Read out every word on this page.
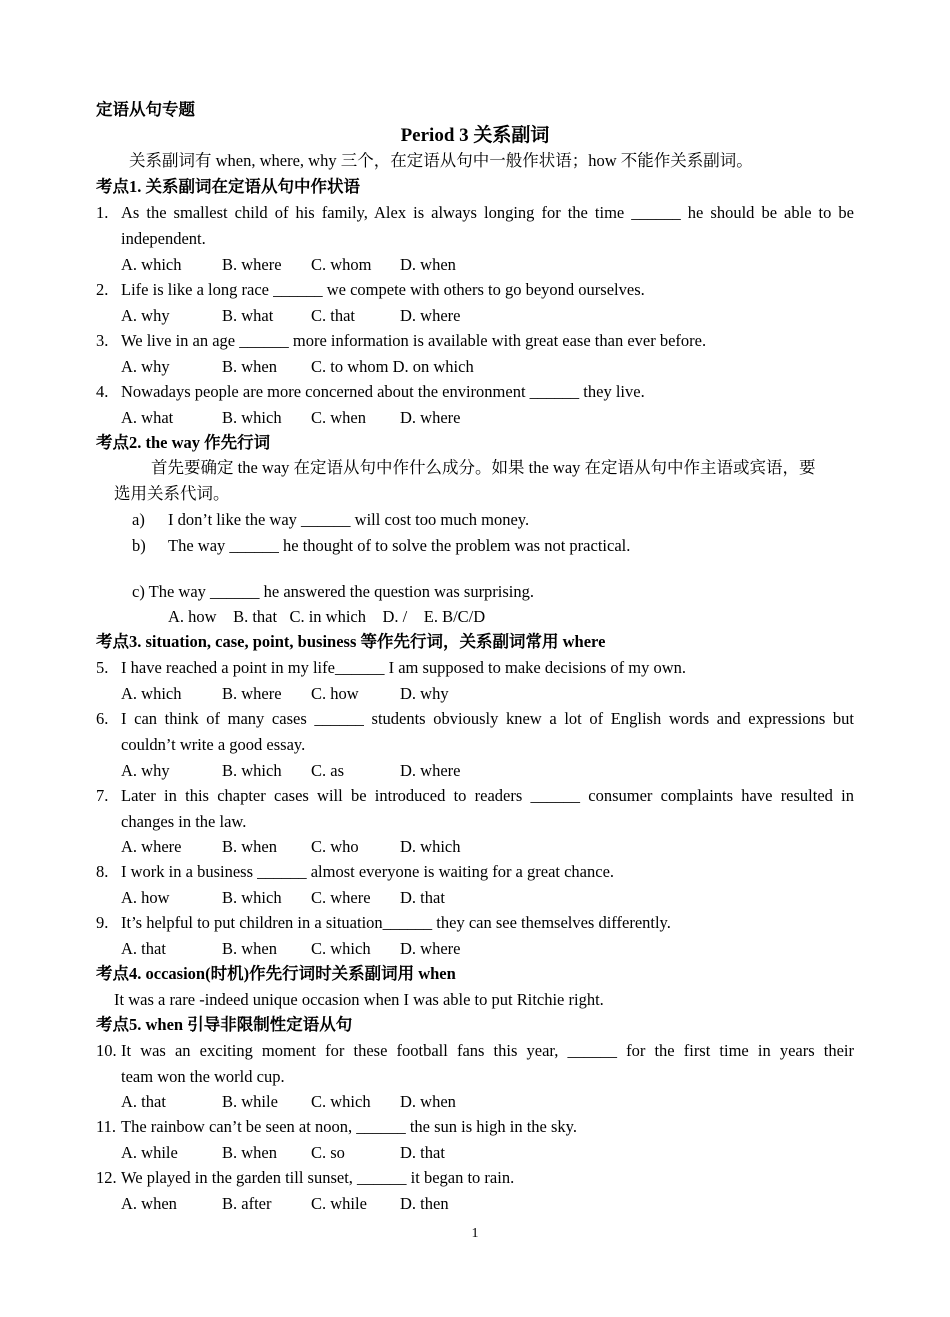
定语从句专题
Period 3 关系副词
关系副词有 when, where, why 三个，在定语从句中一般作状语；how 不能作关系副词。
考点1. 关系副词在定语从句中作状语
1. As the smallest child of his family, Alex is always longing for the time ______ he should be able to be
independent.
A. which B. where C. whom D. when
2. Life is like a long race ______ we compete with others to go beyond ourselves.
A. why	B. what C. that	D. where
3. We live in an age ______ more information is available with great ease than ever before.
A. why	B. when C. to whom D. on which
4. Nowadays people are more concerned about the environment ______ they live.
A. what	B. which C. when D. where
考点2. the way 作先行词
首先要确定 the way 在定语从句中作什么成分。如果 the way 在定语从句中作主语或宾语，要
选用关系代词。
a) I don’t like the way ______ will cost too much money.
b) The way ______ he thought of to solve the problem was not practical.
c) The way ______ he answered the question was surprising.
A. how    B. that   C. in which    D. /    E. B/C/D
考点3. situation, case, point, business 等作先行词，关系副词常用 where
5. I have reached a point in my life______ I am supposed to make decisions of my own.
A. which B. where C. how	D. why
6. I can think of many cases ______ students obviously knew a lot of English words and expressions but
couldn’t write a good essay.
A. why	B. which C. as	D. where
7. Later in this chapter cases will be introduced to readers ______ consumer complaints have resulted in
changes in the law.
A. where B. when C. who	D. which
8. I work in a business ______ almost everyone is waiting for a great chance.
A. how	B. which C. where D. that
9. It’s helpful to put children in a situation______ they can see themselves differently.
A. that	B. when C. which D. where
考点4. occasion(时机)作先行词时关系副词用 when
It was a rare -indeed unique occasion when I was able to put Ritchie right.
考点5. when 引导非限制性定语从句
10. It was an exciting moment for these football fans this year, ______ for the first time in years their
team won the world cup.
A. that	B. while C. which D. when
11. The rainbow can’t be seen at noon, ______ the sun is high in the sky.
A. while	B. when C. so	D. that
12. We played in the garden till sunset, ______ it began to rain.
A. when	B. after C. while D. then
1
